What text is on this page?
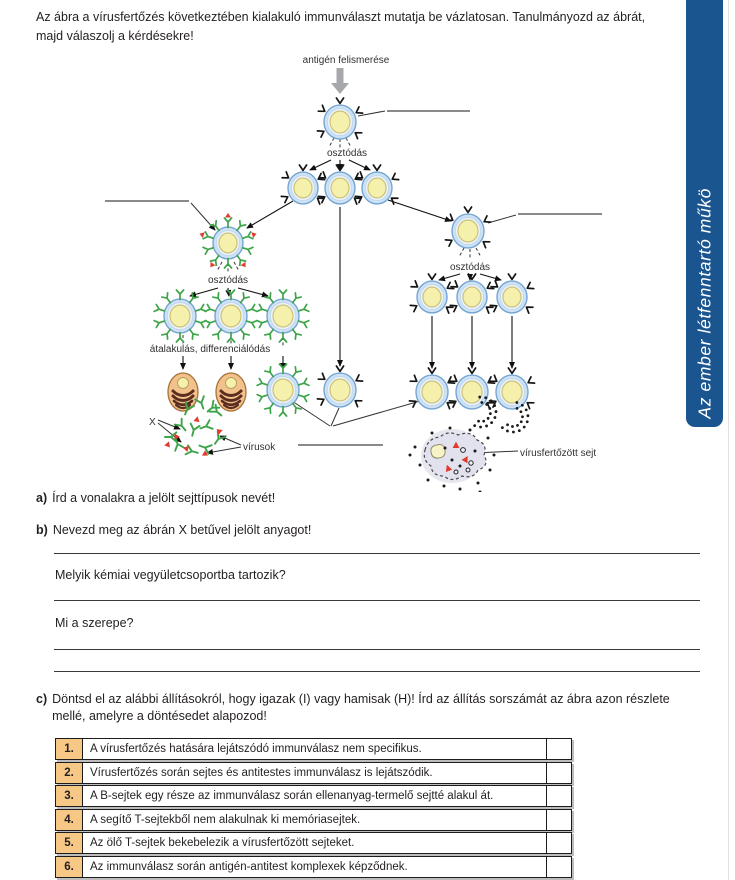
Az ábra a vírusfertőzés következtében kialakuló immunválaszt mutatja be vázlatosan. Tanulmányozd az ábrát, majd válaszolj a kérdésekre!
Az ember létfenntartó műkö
antigén felismerése
osztódás
osztódás
osztódás
átalakulás, differenciálódás
X
vírusok
vírusfertőzött sejt
a) Írd a vonalakra a jelölt sejttípusok nevét!
b) Nevezd meg az ábrán X betűvel jelölt anyagot!
Melyik kémiai vegyületcsoportba tartozik?
Mi a szerepe?
c) Döntsd el az alábbi állításokról, hogy igazak (I) vagy hamisak (H)! Írd az állítás sorszámát az ábra azon részlete mellé, amelyre a döntésedet alapozod!
1.	A vírusfertőzés hatására lejátszódó immunválasz nem specifikus.
2.	Vírusfertőzés során sejtes és antitestes immunválasz is lejátszódik.
3.	A B-sejtek egy része az immunválasz során ellenanyag-termelő sejtté alakul át.
4.	A segítő T-sejtekből nem alakulnak ki memóriasejtek.
5.	Az ölő T-sejtek bekebelezik a vírusfertőzött sejteket.
6.	Az immunválasz során antigén-antitest komplexek képződnek.
